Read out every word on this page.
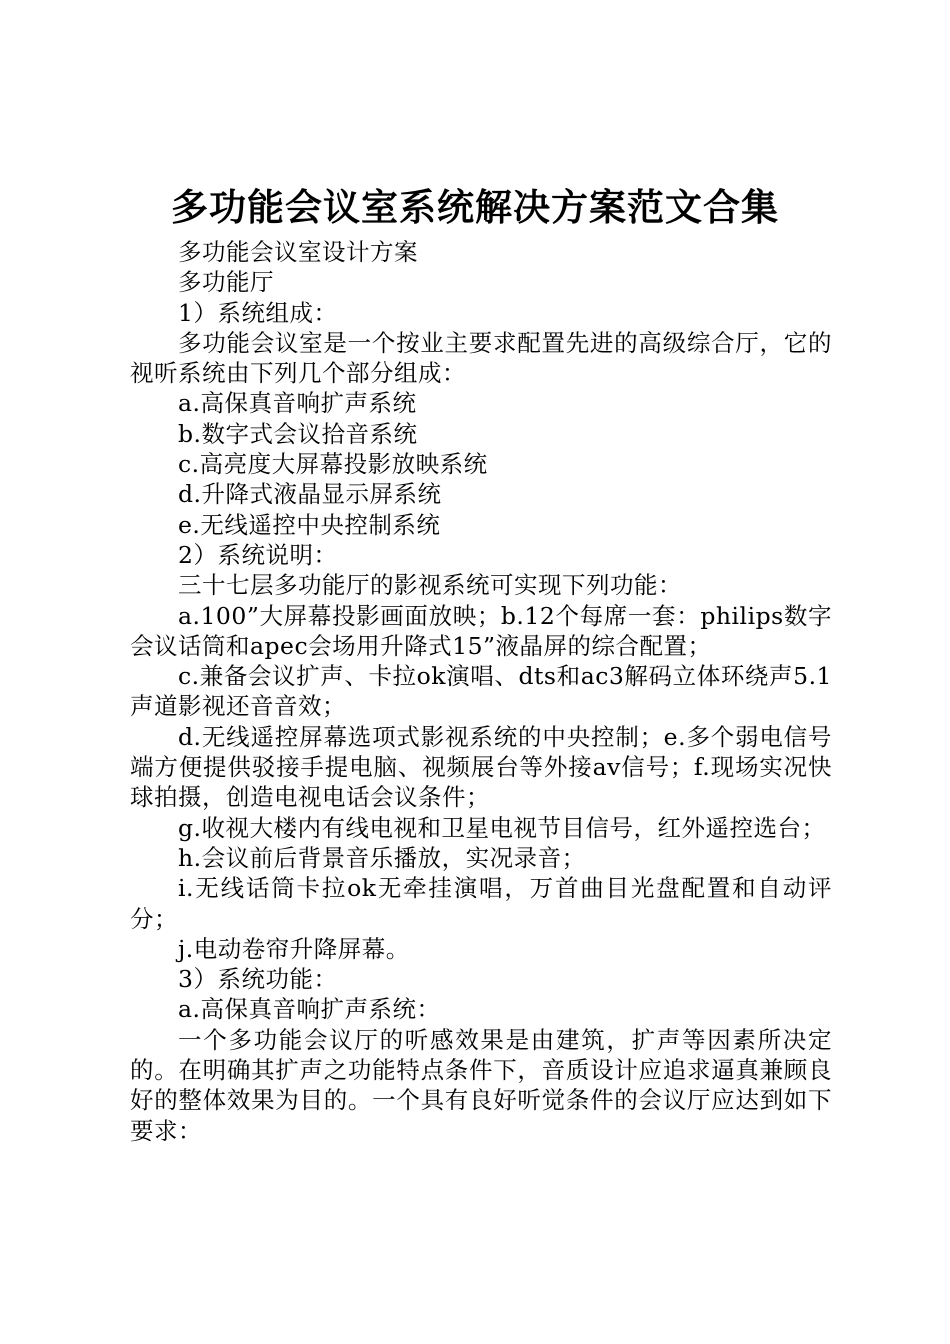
多功能会议室系统解决方案范文合集

多功能会议室设计方案

多功能厅

1）系统组成：

多功能会议室是一个按业主要求配置先进的高级综合厅，它的视听系统由下列几个部分组成：

a.高保真音响扩声系统

b.数字式会议拾音系统

c.高亮度大屏幕投影放映系统

d.升降式液晶显示屏系统

e.无线遥控中央控制系统

2）系统说明：

三十七层多功能厅的影视系统可实现下列功能：

a.100”大屏幕投影画面放映；b.12个每席一套：philips数字会议话筒和apec会场用升降式15”液晶屏的综合配置；

c.兼备会议扩声、卡拉ok演唱、dts和ac3解码立体环绕声5.1声道影视还音音效；

d.无线遥控屏幕选项式影视系统的中央控制；e.多个弱电信号端方便提供驳接手提电脑、视频展台等外接av信号；f.现场实况快球拍摄，创造电视电话会议条件；

g.收视大楼内有线电视和卫星电视节目信号，红外遥控选台；

h.会议前后背景音乐播放，实况录音；

i.无线话筒卡拉ok无牵挂演唱，万首曲目光盘配置和自动评分；

j.电动卷帘升降屏幕。

3）系统功能：

a.高保真音响扩声系统：

一个多功能会议厅的听感效果是由建筑，扩声等因素所决定的。在明确其扩声之功能特点条件下，音质设计应追求逼真兼顾良好的整体效果为目的。一个具有良好听觉条件的会议厅应达到如下要求：
